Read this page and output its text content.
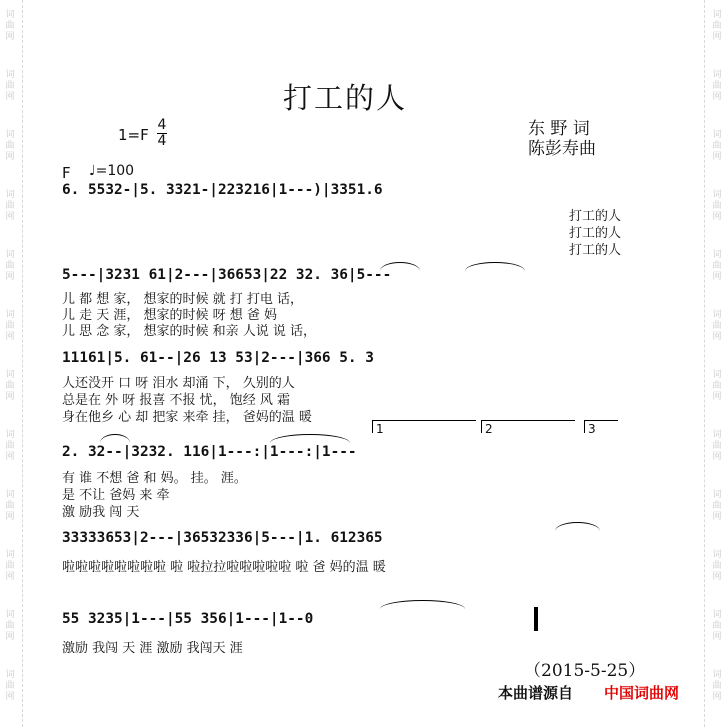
词
曲
网
词
曲
网
词
曲
网
词
曲
网
词
曲
网
词
曲
网
词
曲
网
词
曲
网
词
曲
网
词
曲
网
词
曲
网
词
曲
网
词
曲
网
词
曲
网
词
曲
网
词
曲
网
词
曲
网
词
曲
网
词
曲
网
词
曲
网
词
曲
网
词
曲
网
词
曲
网
词
曲
网
打工的人
东 野 词
陈彭寿曲
1=F
4
4
F ♩=100
6. 5532-|5. 3321-|223216|1---)|3351.6
打工的人
打工的人
打工的人
5---|3231 61|2---|36653|22 32. 36|5---
儿 都 想 家， 想家的时候 就 打 打电 话，
儿 走 天 涯， 想家的时候 呀 想 爸 妈
儿 思 念 家， 想家的时候 和亲 人说 说 话，
11161|5. 61--|26 13 53|2---|366 5. 3
人还没开 口 呀 泪水 却涌 下， 久别的人
总是在 外 呀 报喜 不报 忧， 饱经 风 霜
身在他乡 心 却 把家 来牵 挂， 爸妈的温 暖
1	2	3
2. 32--|3232. 116|1---:|1---:|1---
有 谁 不想 爸 和 妈。 挂。 涯。
是 不让 爸妈 来 牵
激 励我 闯 天
33333653|2---|36532336|5---|1. 612365
啦啦啦啦啦啦啦啦 啦 啦拉拉啦啦啦啦啦 啦 爸 妈的温 暖
55 3235|1---|55 356|1---|1--0
激励 我闯 天 涯 激励 我闯天 涯
（2015-5-25）
本曲谱源自 中国词曲网
